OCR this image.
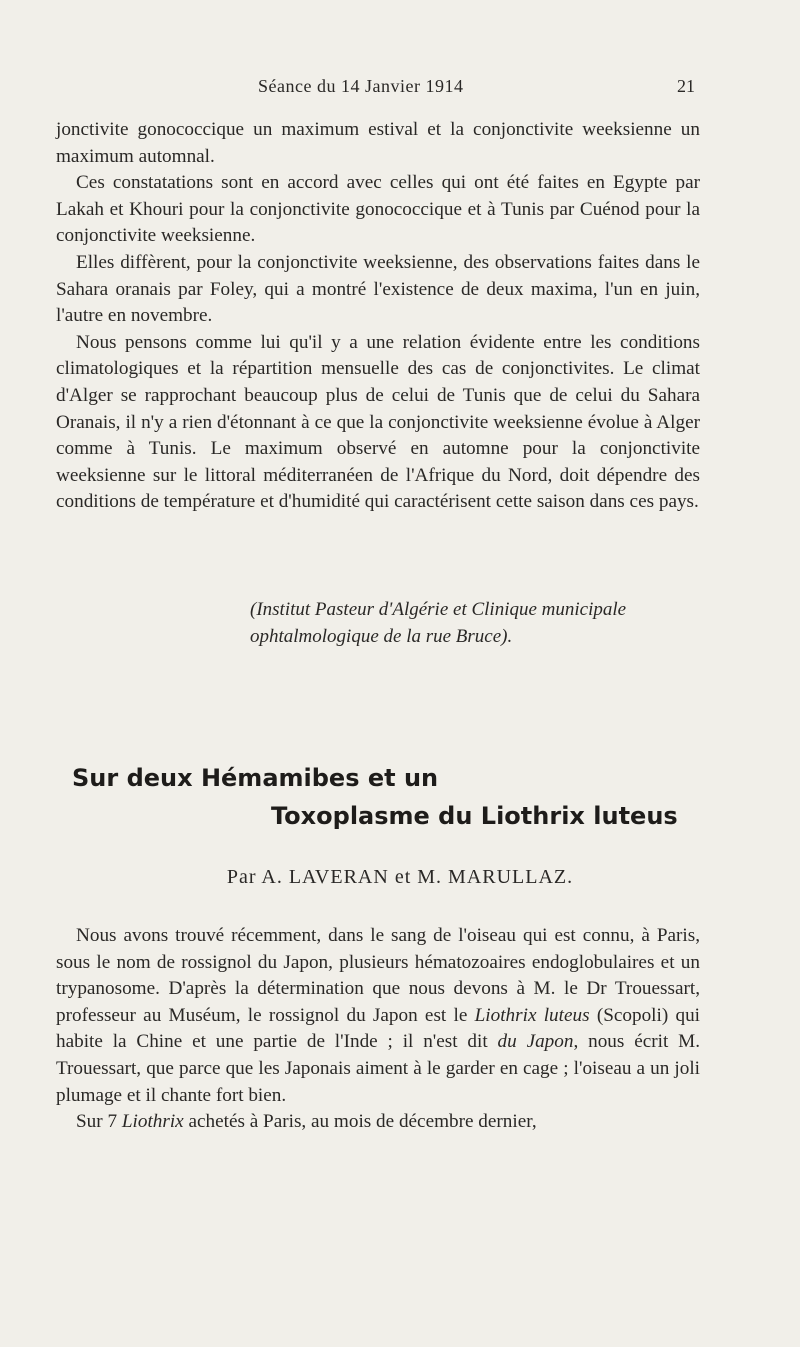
Séance du 14 Janvier 1914	21

jonctivite gonococcique un maximum estival et la conjonctivite weeksienne un maximum automnal.

Ces constatations sont en accord avec celles qui ont été faites en Egypte par Lakah et Khouri pour la conjonctivite gonococcique et à Tunis par Cuénod pour la conjonctivite weeksienne.

Elles diffèrent, pour la conjonctivite weeksienne, des observations faites dans le Sahara oranais par Foley, qui a montré l'existence de deux maxima, l'un en juin, l'autre en novembre.

Nous pensons comme lui qu'il y a une relation évidente entre les conditions climatologiques et la répartition mensuelle des cas de conjonctivites. Le climat d'Alger se rapprochant beaucoup plus de celui de Tunis que de celui du Sahara Oranais, il n'y a rien d'étonnant à ce que la conjonctivite weeksienne évolue à Alger comme à Tunis. Le maximum observé en automne pour la conjonctivite weeksienne sur le littoral méditerranéen de l'Afrique du Nord, doit dépendre des conditions de température et d'humidité qui caractérisent cette saison dans ces pays.

(Institut Pasteur d'Algérie et Clinique municipale ophtalmologique de la rue Bruce).
Sur deux Hémamibes et un
Toxoplasme du Liothrix luteus
Par A. LAVERAN et M. MARULLAZ.

Nous avons trouvé récemment, dans le sang de l'oiseau qui est connu, à Paris, sous le nom de rossignol du Japon, plusieurs hématozoaires endoglobulaires et un trypanosome. D'après la détermination que nous devons à M. le Dr Trouessart, professeur au Muséum, le rossignol du Japon est le Liothrix luteus (Scopoli) qui habite la Chine et une partie de l'Inde ; il n'est dit du Japon, nous écrit M. Trouessart, que parce que les Japonais aiment à le garder en cage ; l'oiseau a un joli plumage et il chante fort bien.

Sur 7 Liothrix achetés à Paris, au mois de décembre dernier,
